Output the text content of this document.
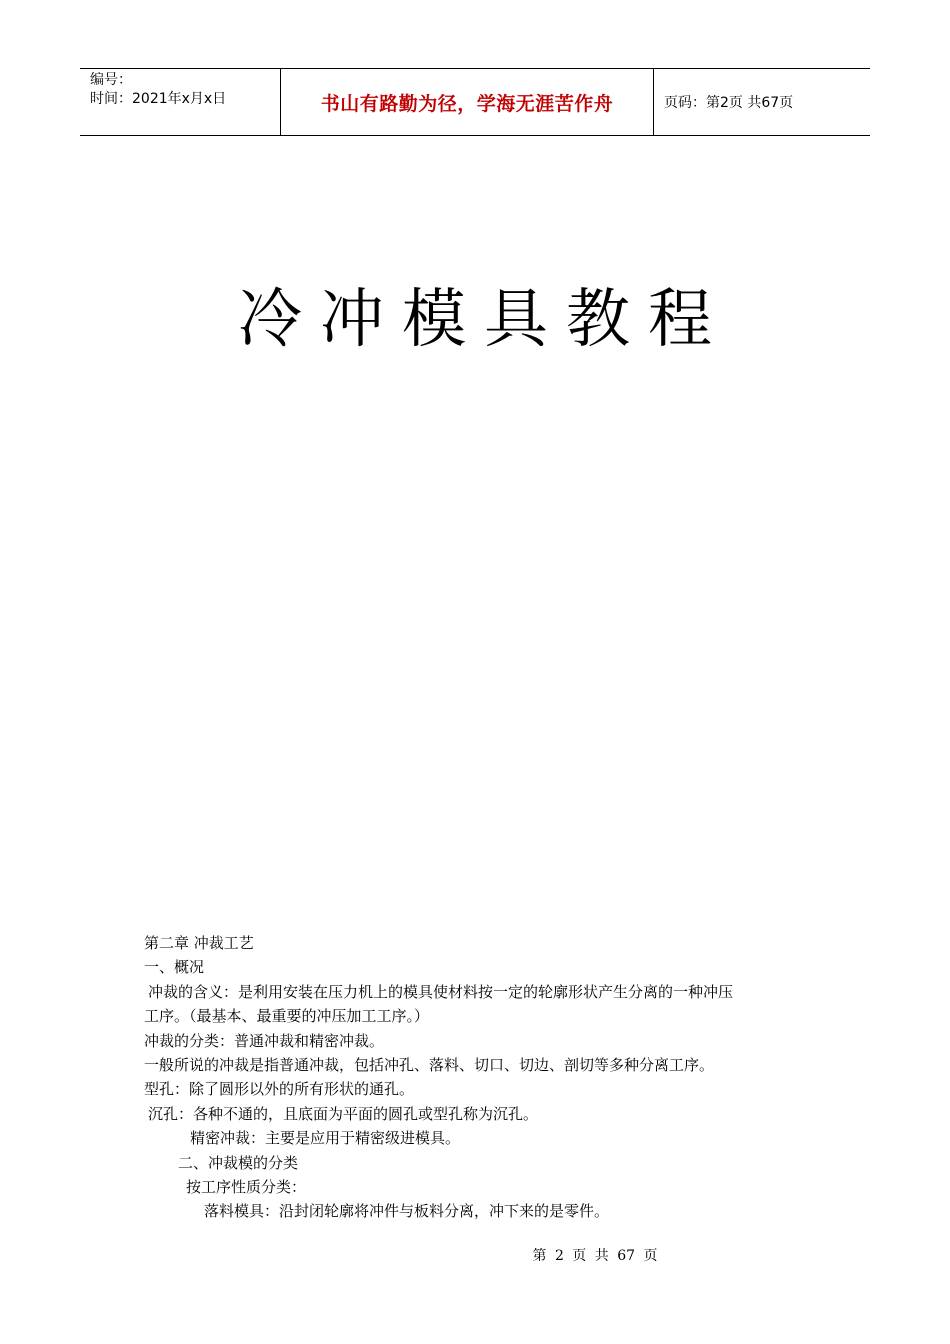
编号：
时间：2021年x月x日	书山有路勤为径，学海无涯苦作舟	页码：第2页 共67页
冷冲模具教程

第二章 冲裁工艺

一、概况

冲裁的含义：是利用安装在压力机上的模具使材料按一定的轮廓形状产生分离的一种冲压

工序。（最基本、最重要的冲压加工工序。）

冲裁的分类：普通冲裁和精密冲裁。

一般所说的冲裁是指普通冲裁，包括冲孔、落料、切口、切边、剖切等多种分离工序。

型孔：除了圆形以外的所有形状的通孔。

沉孔：各种不通的，且底面为平面的圆孔或型孔称为沉孔。

精密冲裁：主要是应用于精密级进模具。

二、冲裁模的分类

按工序性质分类：

落料模具：沿封闭轮廓将冲件与板料分离，冲下来的是零件。

第 2 页 共 67 页
